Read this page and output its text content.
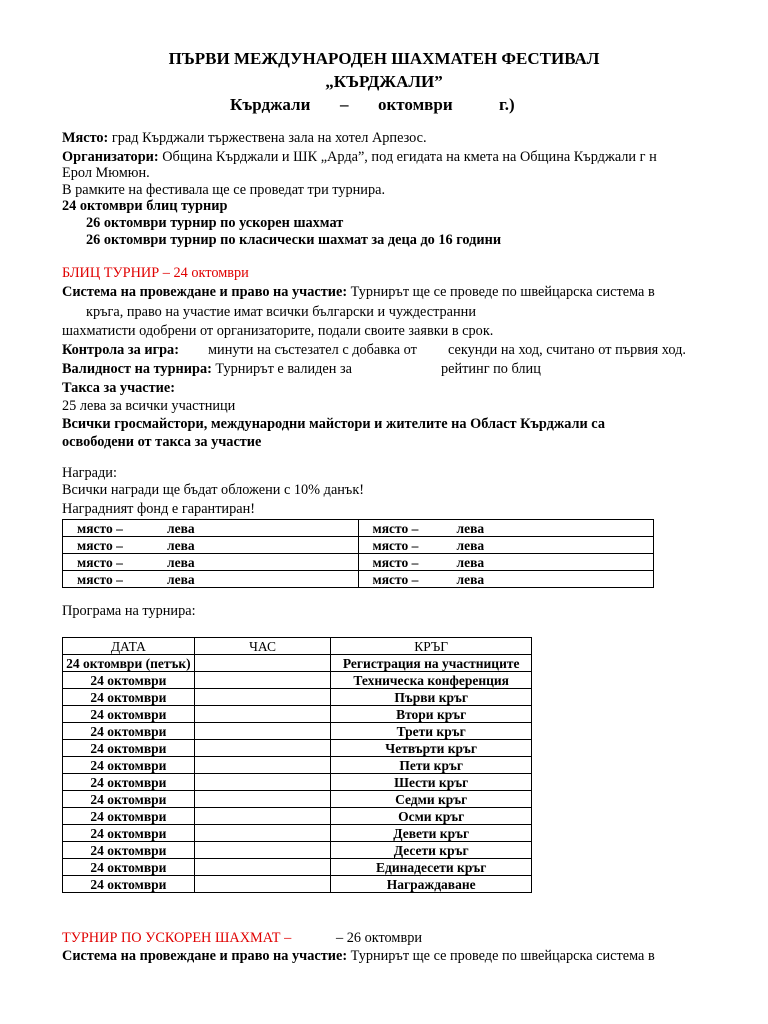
ПЪРВИ МЕЖДУНАРОДЕН ШАХМАТЕН ФЕСТИВАЛ
„КЪРДЖАЛИ”
Кърджали – октомври	г.)
Място: град Кърджали тържествена зала на хотел Арпезос.
Организатори: Община Кърджали и ШК „Арда”, под егидата на кмета на Община Кърджали г н
Ерол Мюмюн.
В рамките на фестивала ще се проведат три турнира.
24 октомври блиц турнир
26 октомври турнир по ускорен шахмат
26 октомври турнир по класически шахмат за деца до 16 години
БЛИЦ ТУРНИР – 24 октомври
Система на провеждане и право на участие: Турнирът ще се проведе по швейцарска система в
кръга, право на участие имат всички български и чуждестранни
шахматисти одобрени от организаторите, подали своите заявки в срок.
Контрола за игра: минути на състезател с добавка от секунди на ход, считано от първия ход.
Валидност на турнира: Турнирът е валиден за	рейтинг по блиц
Такса за участие:
25 лева за всички участници
Всички гросмайстори, международни майстори и жителите на Област Кърджали са
освободени от такса за участие
Награди:
Всички награди ще бъдат обложени с 10% данък!
Наградният фонд е гарантиран!
място – лева	място – лева
място – лева	място – лева
място – лева	място – лева
място – лева	място – лева
Програма на турнира:
ДАТА	ЧАС	КРЪГ
24 октомври (петък)		Регистрация на участниците
24 октомври		Техническа конференция
24 октомври		Първи кръг
24 октомври		Втори кръг
24 октомври		Трети кръг
24 октомври		Четвърти кръг
24 октомври		Пети кръг
24 октомври		Шести кръг
24 октомври		Седми кръг
24 октомври		Осми кръг
24 октомври		Девети кръг
24 октомври		Десети кръг
24 октомври		Единадесети кръг
24 октомври		Награждаване
ТУРНИР ПО УСКОРЕН ШАХМАТ –	– 26 октомври
Система на провеждане и право на участие: Турнирът ще се проведе по швейцарска система в
